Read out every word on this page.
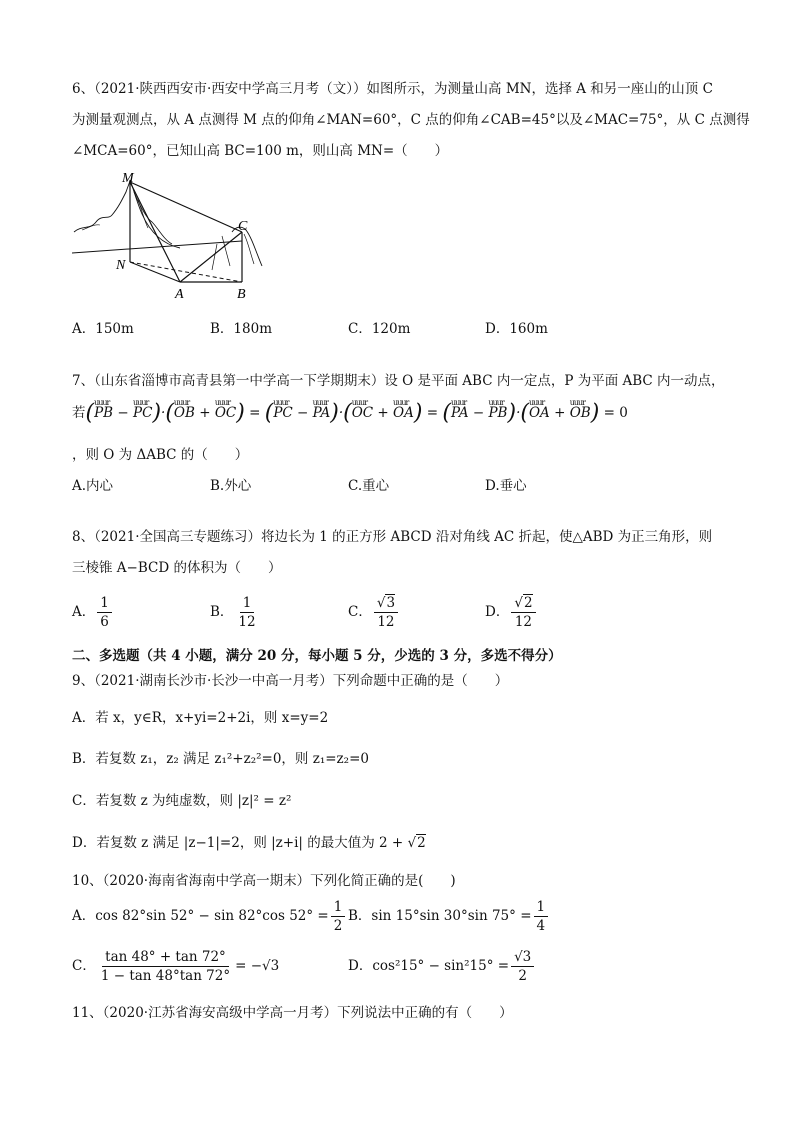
6、（2021·陕西西安市·西安中学高三月考（文））如图所示，为测量山高 MN，选择 A 和另一座山的山顶 C
为测量观测点，从 A 点测得 M 点的仰角∠MAN=60°，C 点的仰角∠CAB=45°以及∠MAC=75°，从 C 点测得
∠MCA=60°，已知山高 BC=100 m，则山高 MN=（　　）
M
N
A	B
C
A．150m	B．180m	C．120m	D．160m
7、（山东省淄博市高青县第一中学高一下学期期末）设 O 是平面 ABC 内一定点，P 为平面 ABC 内一动点，
若(uuur PB − uuur PC)·(uuur OB + uuur OC) = (uuur PC − uuur PA)·(uuur OC + uuur OA) = (uuur PA − uuur PB)·(uuur OA + uuur OB) = 0
，则 O 为 ΔABC 的（　　）
A.内心	B.外心	C.重心	D.垂心
8、（2021·全国高三专题练习）将边长为 1 的正方形 ABCD 沿对角线 AC 折起，使△ABD 为正三角形，则
三棱锥 A−BCD 的体积为（　　）
A． $\frac{1}{6}$	B． $\frac{1}{12}$	C． $\frac{√3}{12}$	D． $\frac{√2}{12}$
二、多选题（共 4 小题，满分 20 分，每小题 5 分，少选的 3 分，多选不得分）
9、（2021·湖南长沙市·长沙一中高一月考）下列命题中正确的是（　　）
A．若 x，y∈R，x+yi=2+2i，则 x=y=2
B．若复数 z₁，z₂ 满足 z₁²+z₂²=0，则 z₁=z₂=0
C．若复数 z 为纯虚数，则 |z|² = z²
D．若复数 z 满足 |z−1|=2，则 |z+i| 的最大值为 2 + √2
10、（2020·海南省海南中学高一期末）下列化简正确的是(　　)
A．cos 82°sin 52° − sin 82°cos $52^\circ = \frac{1}{2}$ B．sin 15°sin 30°sin $75^\circ = \frac{1}{4}$
C． $\frac{\tan 48^\circ + \tan 72^\circ}{1 - \tan 48^\circ\tan 72^\circ} = -√3$	D．$\cos^215^\circ - \sin^215^\circ = \frac{√3}{2}$
11、（2020·江苏省海安高级中学高一月考）下列说法中正确的有（　　）
